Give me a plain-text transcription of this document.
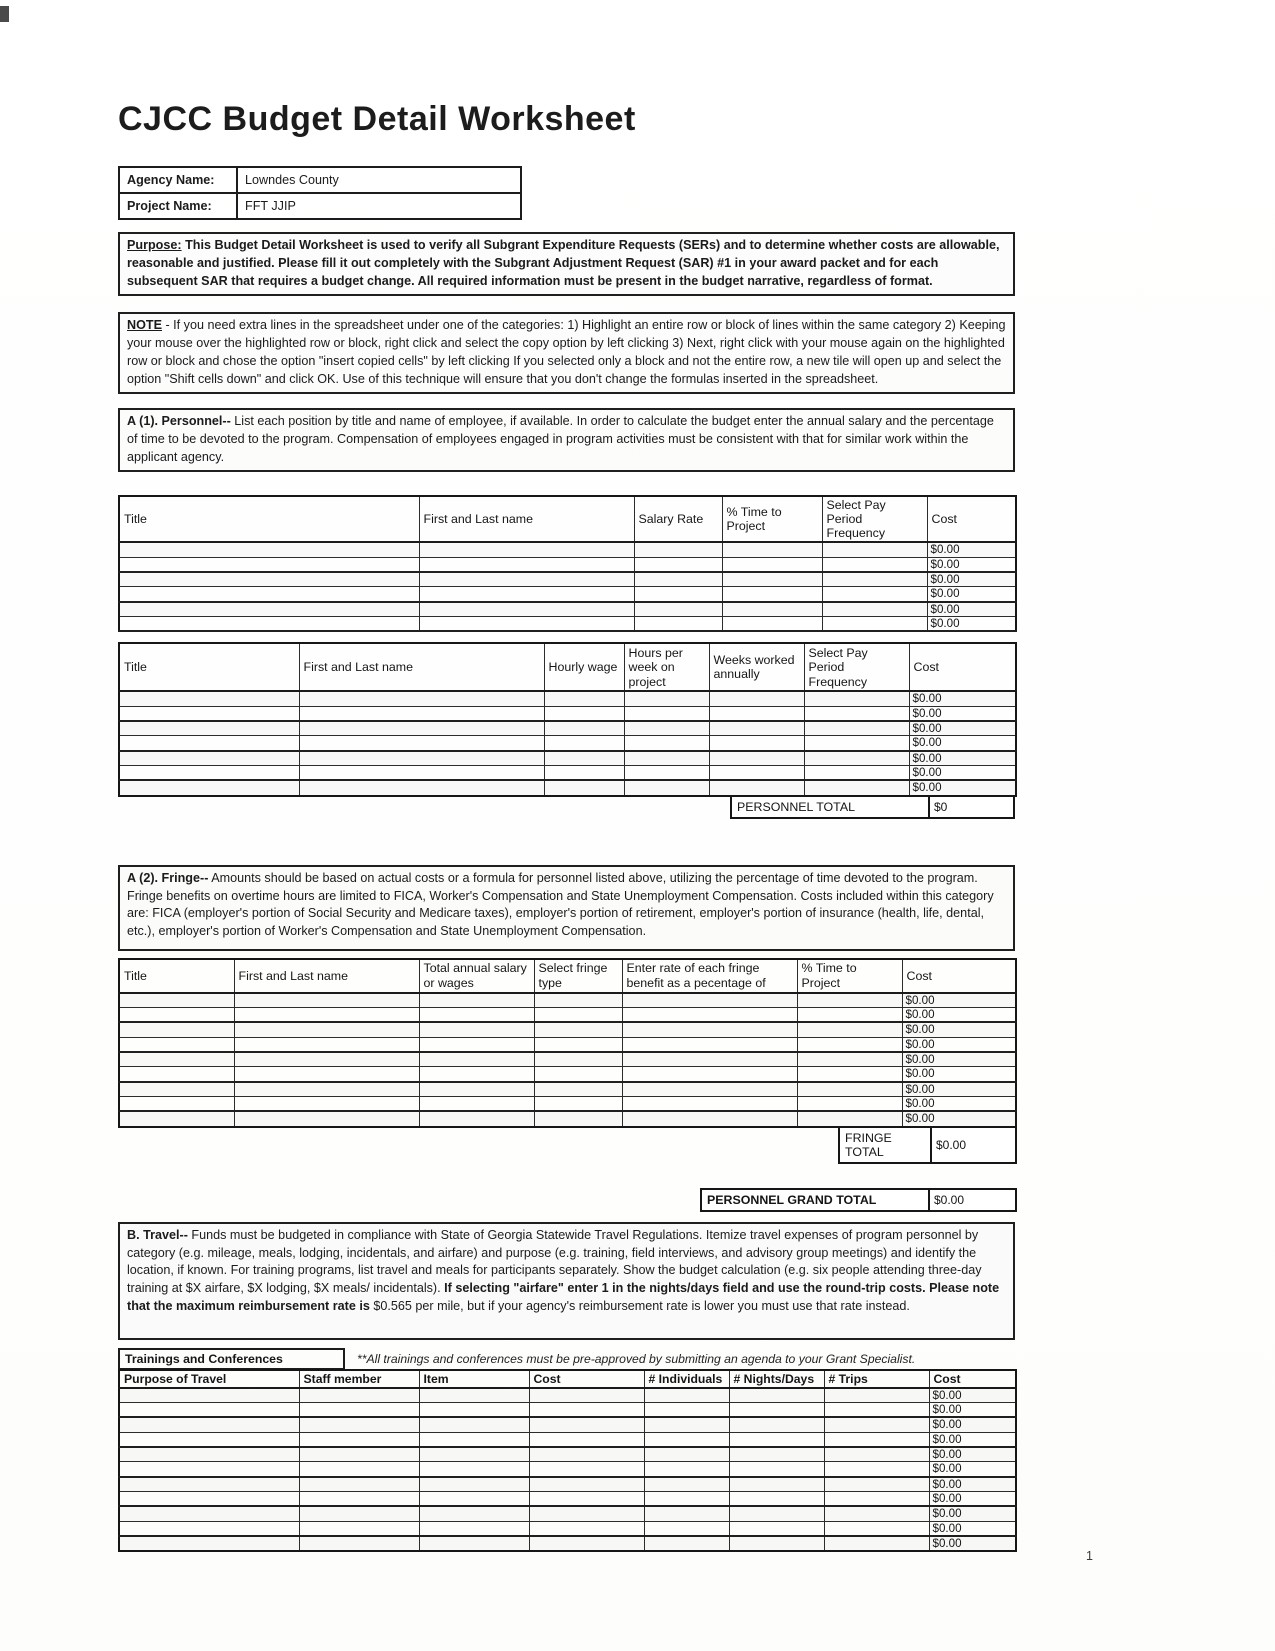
CJCC Budget Detail Worksheet
Agency Name:	Lowndes County
Project Name:	FFT JJIP
Purpose: This Budget Detail Worksheet is used to verify all Subgrant Expenditure Requests (SERs) and to determine whether costs are allowable, reasonable and justified. Please fill it out completely with the Subgrant Adjustment Request (SAR) #1 in your award packet and for each subsequent SAR that requires a budget change. All required information must be present in the budget narrative, regardless of format.
NOTE - If you need extra lines in the spreadsheet under one of the categories: 1) Highlight an entire row or block of lines within the same category 2) Keeping your mouse over the highlighted row or block, right click and select the copy option by left clicking 3) Next, right click with your mouse again on the highlighted row or block and chose the option "insert copied cells" by left clicking If you selected only a block and not the entire row, a new tile will open up and select the option "Shift cells down" and click OK. Use of this technique will ensure that you don't change the formulas inserted in the spreadsheet.
A (1). Personnel-- List each position by title and name of employee, if available. In order to calculate the budget enter the annual salary and the percentage of time to be devoted to the program. Compensation of employees engaged in program activities must be consistent with that for similar work within the applicant agency.
Title	First and Last name	Salary Rate	% Time to Project	Select Pay Period Frequency	Cost
					$0.00
					$0.00
					$0.00
					$0.00
					$0.00
					$0.00
Title	First and Last name	Hourly wage	Hours per week on project	Weeks worked annually	Select Pay Period Frequency	Cost
						$0.00
						$0.00
						$0.00
						$0.00
						$0.00
						$0.00
						$0.00
PERSONNEL TOTAL	$0
A (2). Fringe-- Amounts should be based on actual costs or a formula for personnel listed above, utilizing the percentage of time devoted to the program. Fringe benefits on overtime hours are limited to FICA, Worker's Compensation and State Unemployment Compensation. Costs included within this category are: FICA (employer's portion of Social Security and Medicare taxes), employer's portion of retirement, employer's portion of insurance (health, life, dental, etc.), employer's portion of Worker's Compensation and State Unemployment Compensation.
Title	First and Last name	Total annual salary or wages	Select fringe type	Enter rate of each fringe benefit as a pecentage of	% Time to Project	Cost
						$0.00
						$0.00
						$0.00
						$0.00
						$0.00
						$0.00
						$0.00
						$0.00
						$0.00
FRINGE TOTAL	$0.00
PERSONNEL GRAND TOTAL	$0.00
B. Travel-- Funds must be budgeted in compliance with State of Georgia Statewide Travel Regulations. Itemize travel expenses of program personnel by category (e.g. mileage, meals, lodging, incidentals, and airfare) and purpose (e.g. training, field interviews, and advisory group meetings) and identify the location, if known. For training programs, list travel and meals for participants separately. Show the budget calculation (e.g. six people attending three-day training at $X airfare, $X lodging, $X meals/ incidentals). If selecting "airfare" enter 1 in the nights/days field and use the round-trip costs. Please note that the maximum reimbursement rate is $0.565 per mile, but if your agency's reimbursement rate is lower you must use that rate instead.
Trainings and Conferences	**All trainings and conferences must be pre-approved by submitting an agenda to your Grant Specialist.
Purpose of Travel	Staff member	Item	Cost	# Individuals	# Nights/Days	# Trips	Cost
							$0.00
							$0.00
							$0.00
							$0.00
							$0.00
							$0.00
							$0.00
							$0.00
							$0.00
							$0.00
							$0.00
1
